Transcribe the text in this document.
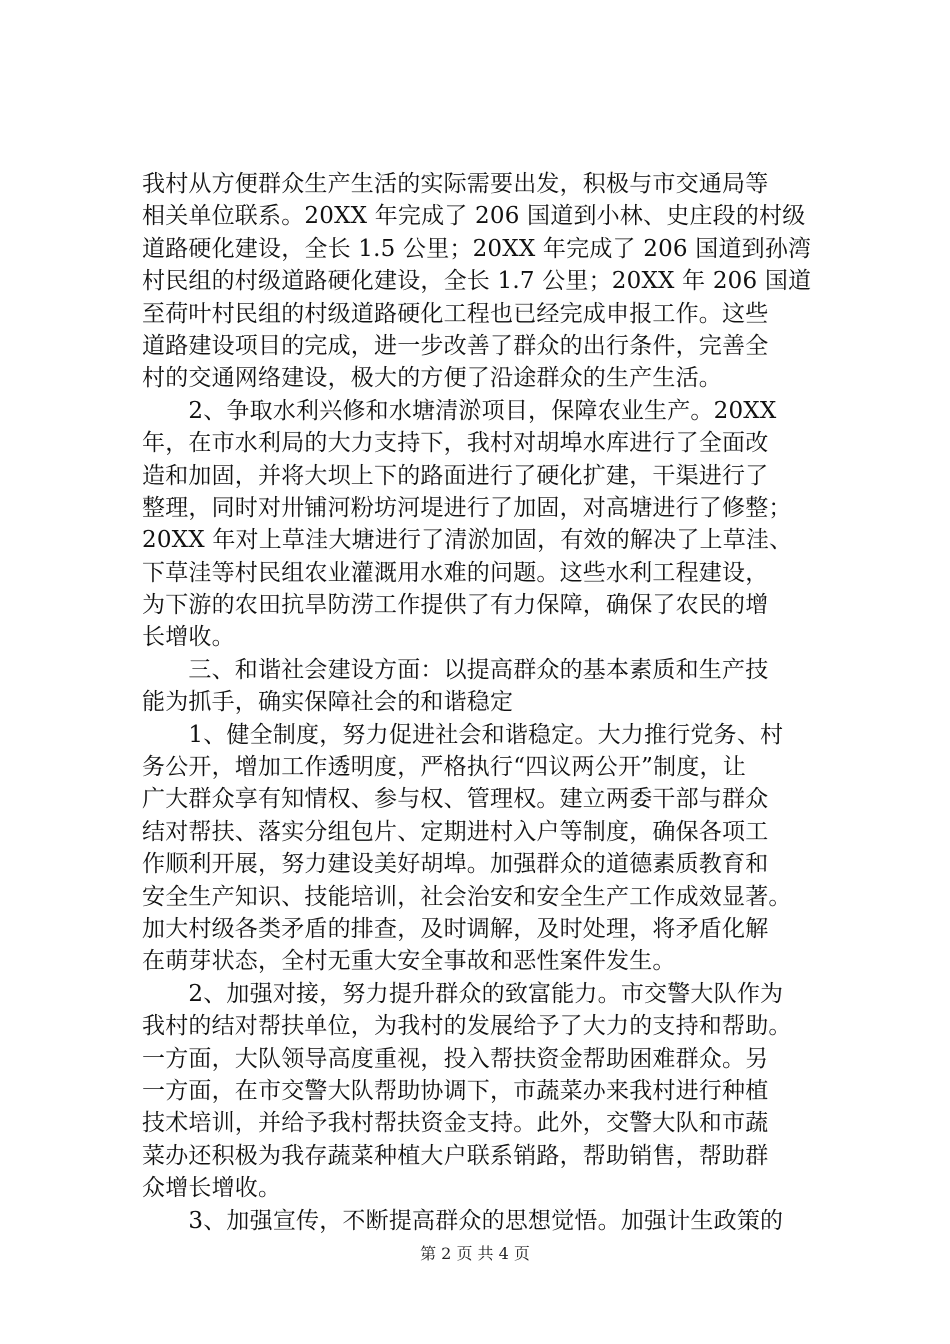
我村从方便群众生产生活的实际需要出发，积极与市交通局等
相关单位联系。20XX 年完成了 206 国道到小林、史庄段的村级
道路硬化建设，全长 1.5 公里；20XX 年完成了 206 国道到孙湾
村民组的村级道路硬化建设，全长 1.7 公里；20XX 年 206 国道
至荷叶村民组的村级道路硬化工程也已经完成申报工作。这些
道路建设项目的完成，进一步改善了群众的出行条件，完善全
村的交通网络建设，极大的方便了沿途群众的生产生活。
　　2、争取水利兴修和水塘清淤项目，保障农业生产。20XX
年，在市水利局的大力支持下，我村对胡埠水库进行了全面改
造和加固，并将大坝上下的路面进行了硬化扩建，干渠进行了
整理，同时对卅铺河粉坊河堤进行了加固，对高塘进行了修整；
20XX 年对上草洼大塘进行了清淤加固，有效的解决了上草洼、
下草洼等村民组农业灌溉用水难的问题。这些水利工程建设，
为下游的农田抗旱防涝工作提供了有力保障，确保了农民的增
长增收。
　　三、和谐社会建设方面：以提高群众的基本素质和生产技
能为抓手，确实保障社会的和谐稳定
　　1、健全制度，努力促进社会和谐稳定。大力推行党务、村
务公开，增加工作透明度，严格执行“四议两公开”制度，让
广大群众享有知情权、参与权、管理权。建立两委干部与群众
结对帮扶、落实分组包片、定期进村入户等制度，确保各项工
作顺利开展，努力建设美好胡埠。加强群众的道德素质教育和
安全生产知识、技能培训，社会治安和安全生产工作成效显著。
加大村级各类矛盾的排查，及时调解，及时处理，将矛盾化解
在萌芽状态，全村无重大安全事故和恶性案件发生。
　　2、加强对接，努力提升群众的致富能力。市交警大队作为
我村的结对帮扶单位，为我村的发展给予了大力的支持和帮助。
一方面，大队领导高度重视，投入帮扶资金帮助困难群众。另
一方面，在市交警大队帮助协调下，市蔬菜办来我村进行种植
技术培训，并给予我村帮扶资金支持。此外，交警大队和市蔬
菜办还积极为我存蔬菜种植大户联系销路，帮助销售，帮助群
众增长增收。
　　3、加强宣传，不断提高群众的思想觉悟。加强计生政策的
第 2 页 共 4 页
